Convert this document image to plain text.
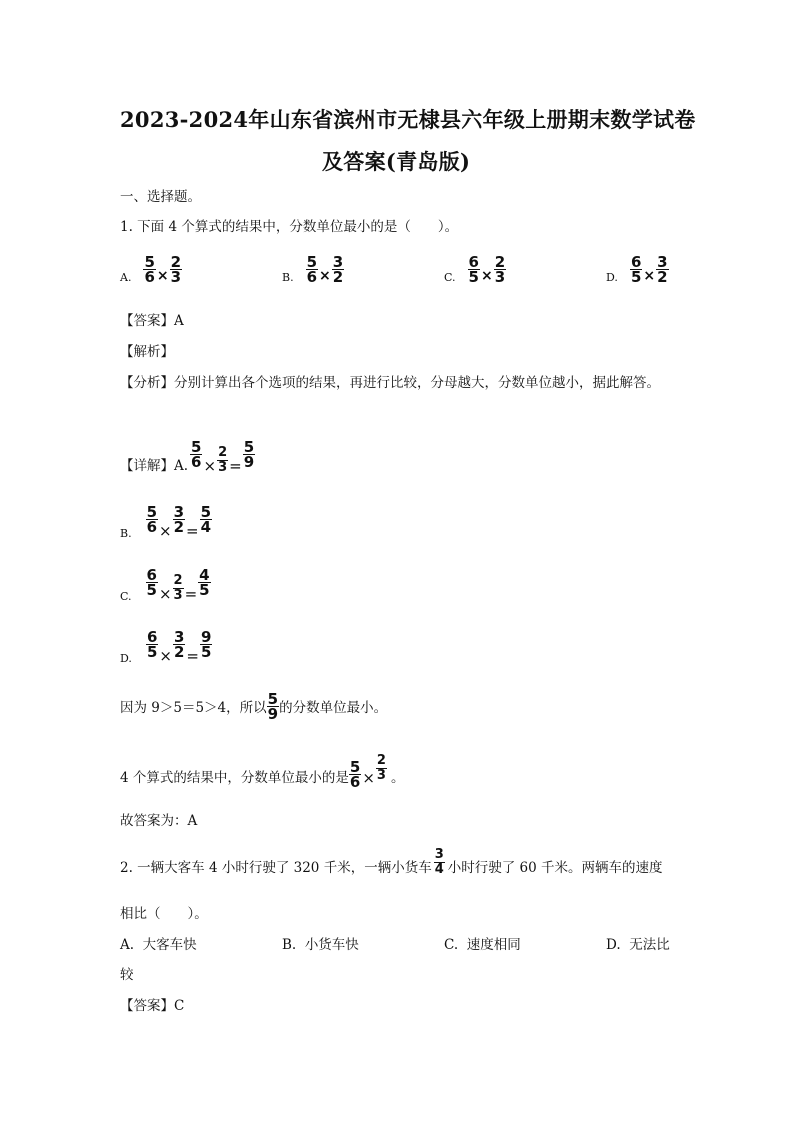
2023-2024年山东省滨州市无棣县六年级上册期末数学试卷
及答案(青岛版)
一、选择题。
1. 下面 4 个算式的结果中，分数单位最小的是（　　）。
A. $\frac{5}{6} \times \frac{2}{3}$	B. $\frac{5}{6} \times \frac{3}{2}$	C. $\frac{6}{5} \times \frac{2}{3}$	D. $\frac{6}{5} \times \frac{3}{2}$
【答案】A
【解析】
【分析】分别计算出各个选项的结果，再进行比较，分母越大，分数单位越小，据此解答。
【详解】A. $\frac{5}{6} \times \frac{2}{3} = \frac{5}{9}$
B. $\frac{5}{6} \times \frac{3}{2} = \frac{5}{4}$
C. $\frac{6}{5} \times \frac{2}{3} = \frac{4}{5}$
D. $\frac{6}{5} \times \frac{3}{2} = \frac{9}{5}$
因为 9＞5＝5＞4，所以 $\frac{5}{9}$ 的分数单位最小。
4 个算式的结果中，分数单位最小的是 $\frac{5}{6} \times \frac{2}{3}$ 。
故答案为：A
2. 一辆大客车 4 小时行驶了 320 千米，一辆小货车 $\frac{3}{4}$ 小时行驶了 60 千米。两辆车的速度
相比（　　）。
A. 大客车快	B. 小货车快	C. 速度相同	D. 无法比
较
【答案】C
